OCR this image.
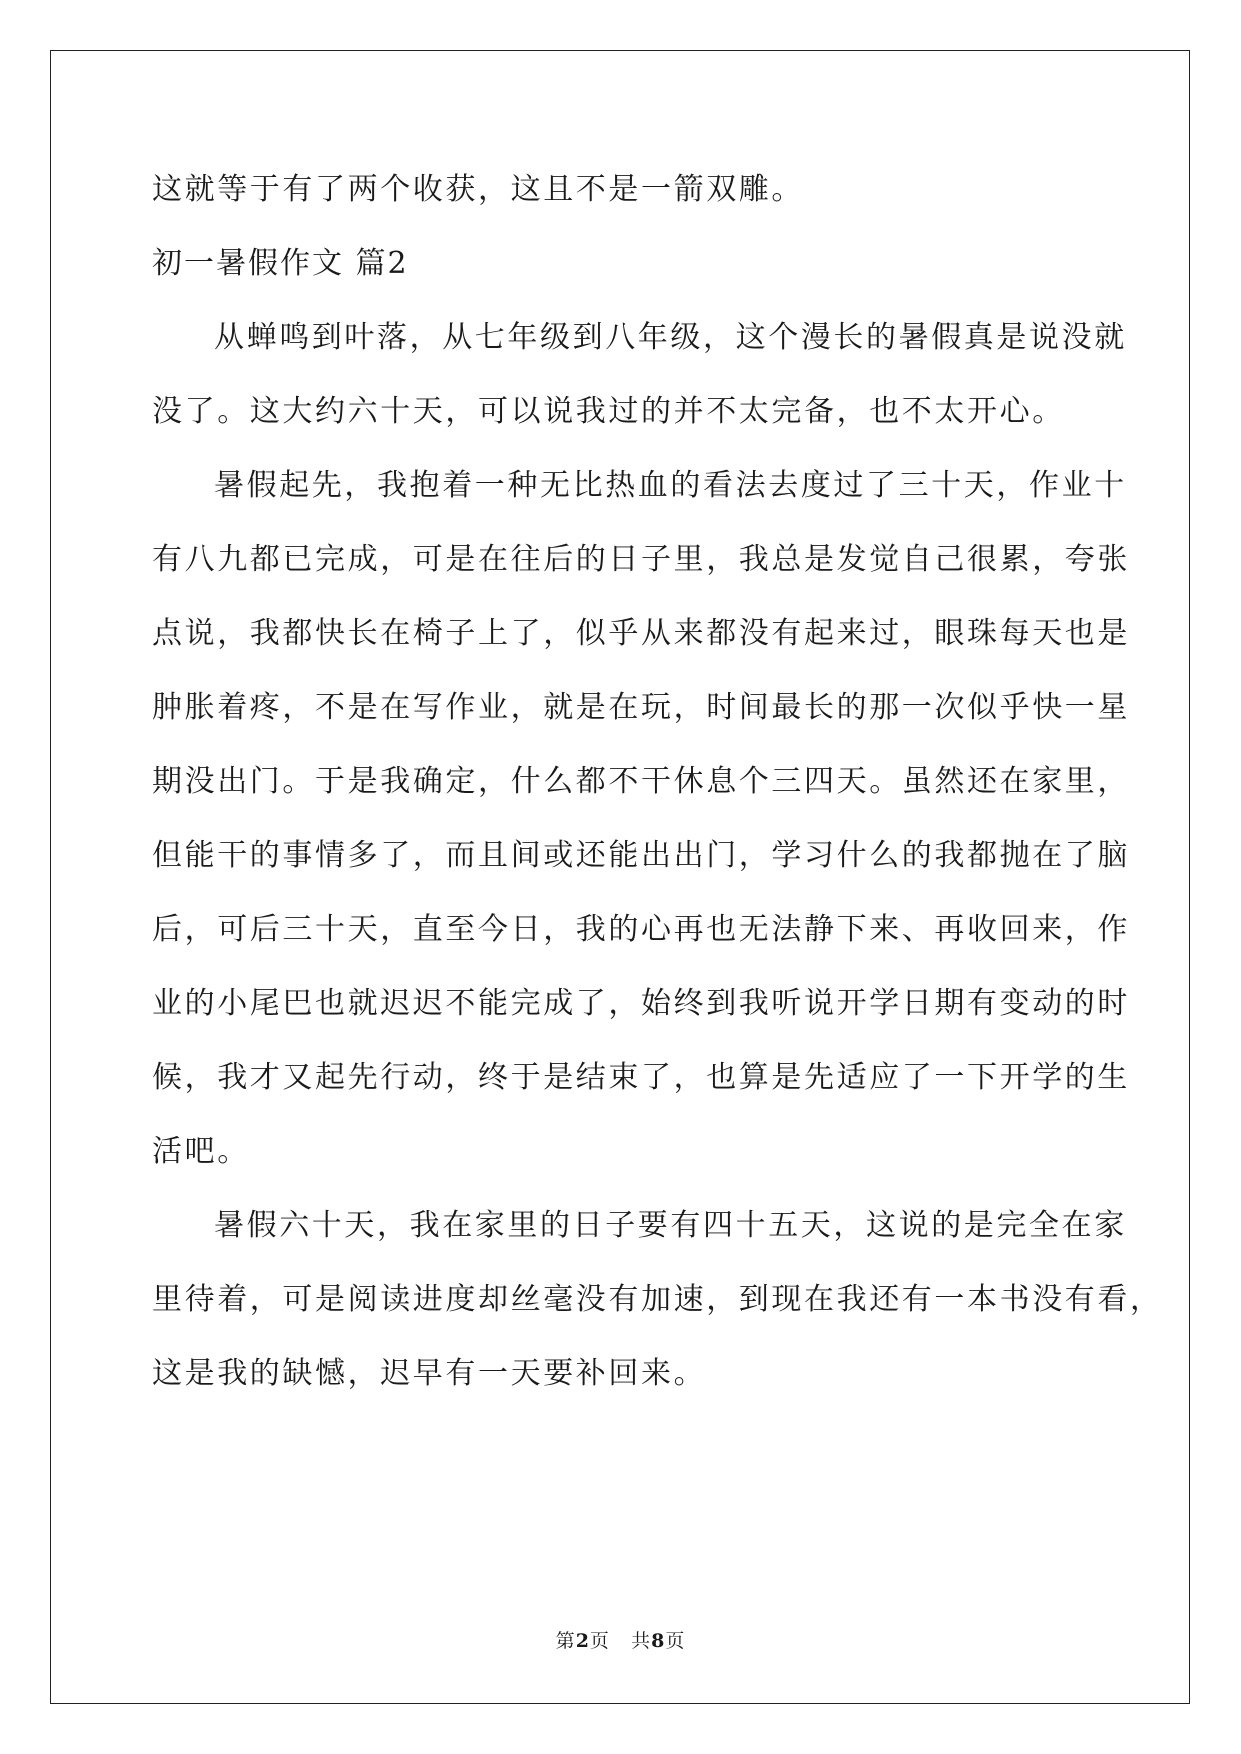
这就等于有了两个收获，这且不是一箭双雕。
初一暑假作文 篇2
从蝉鸣到叶落，从七年级到八年级，这个漫长的暑假真是说没就
没了。这大约六十天，可以说我过的并不太完备，也不太开心。
暑假起先，我抱着一种无比热血的看法去度过了三十天，作业十
有八九都已完成，可是在往后的日子里，我总是发觉自己很累，夸张
点说，我都快长在椅子上了，似乎从来都没有起来过，眼珠每天也是
肿胀着疼，不是在写作业，就是在玩，时间最长的那一次似乎快一星
期没出门。于是我确定，什么都不干休息个三四天。虽然还在家里，
但能干的事情多了，而且间或还能出出门，学习什么的我都抛在了脑
后，可后三十天，直至今日，我的心再也无法静下来、再收回来，作
业的小尾巴也就迟迟不能完成了，始终到我听说开学日期有变动的时
候，我才又起先行动，终于是结束了，也算是先适应了一下开学的生
活吧。
暑假六十天，我在家里的日子要有四十五天，这说的是完全在家
里待着，可是阅读进度却丝毫没有加速，到现在我还有一本书没有看，
这是我的缺憾，迟早有一天要补回来。
第2页 共8页
